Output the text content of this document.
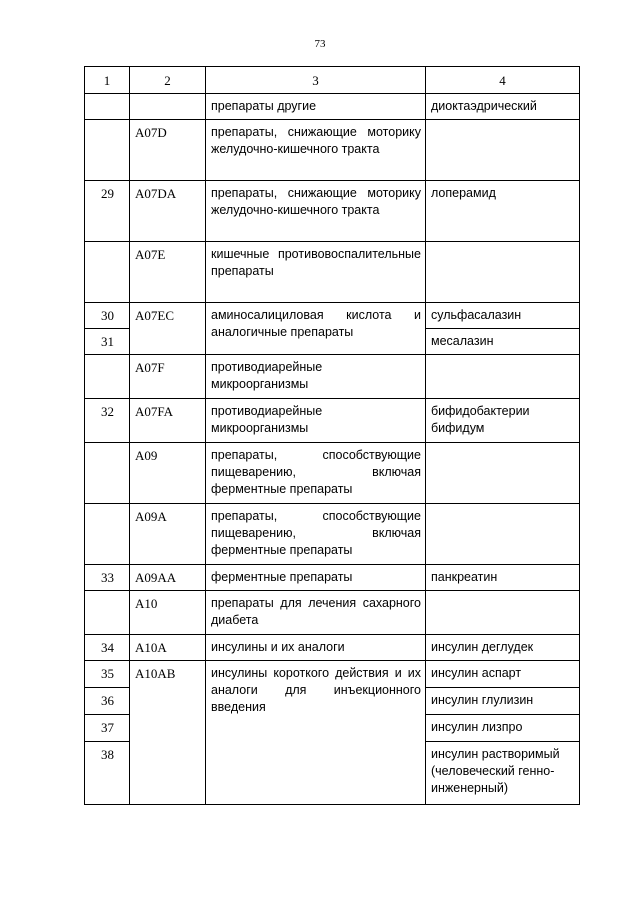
73
1	2	3	4
		препараты другие	диоктаэдрический
	A07D	препараты, снижающие моторику желудочно-кишечного тракта	
29	A07DA	препараты, снижающие моторику желудочно-кишечного тракта	лоперамид
	A07E	кишечные противовоспалительные препараты	
30	A07EC	аминосалициловая кислота и аналогичные препараты	сульфасалазин
31			месалазин
	A07F	противодиарейные микроорганизмы	
32	A07FA	противодиарейные микроорганизмы	бифидобактерии бифидум
	A09	препараты, способствующие пищеварению, включая ферментные препараты	
	A09A	препараты, способствующие пищеварению, включая ферментные препараты	
33	A09AA	ферментные препараты	панкреатин
	A10	препараты для лечения сахарного диабета	
34	A10A	инсулины и их аналоги	инсулин деглудек
35	A10AB	инсулины короткого действия и их аналоги для инъекционного введения	инсулин аспарт
36			инсулин глулизин
37			инсулин лизпро
38			инсулин растворимый (человеческий генно-инженерный)
